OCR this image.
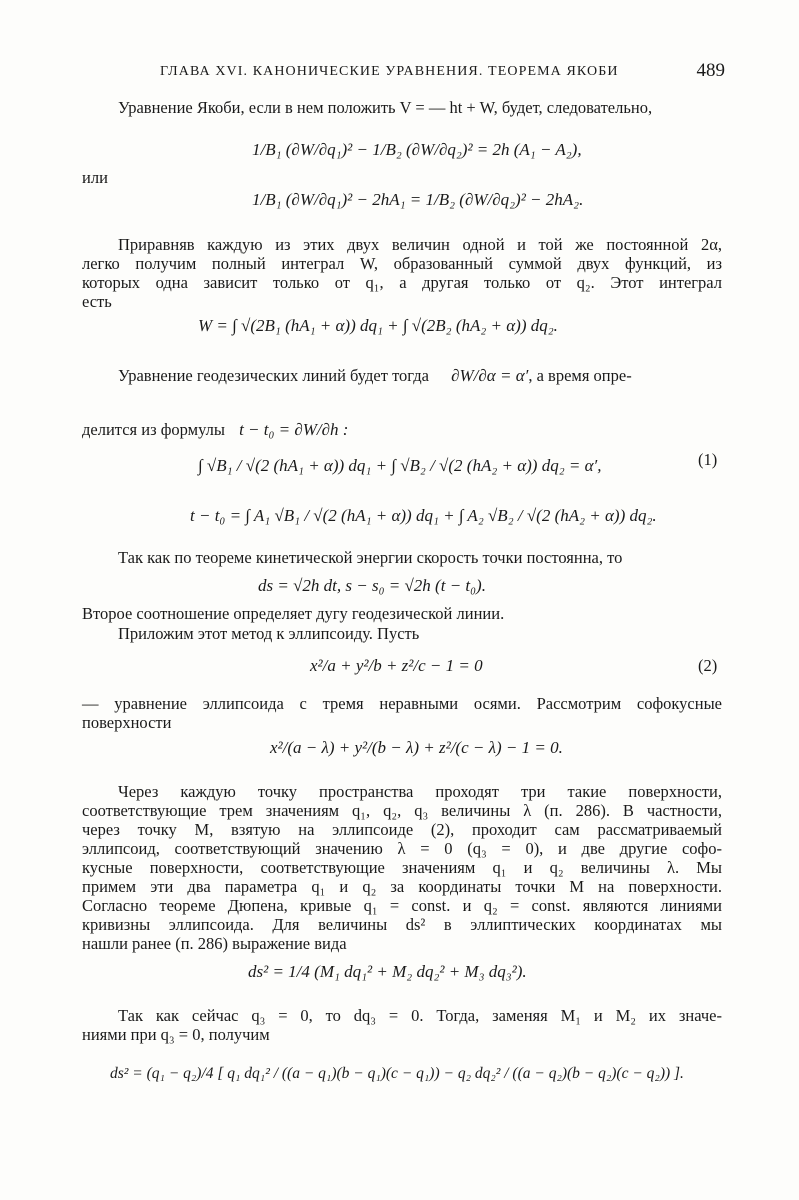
ГЛАВА XVI. КАНОНИЧЕСКИЕ УРАВНЕНИЯ. ТЕОРЕМА ЯКОБИ	489
Уравнение Якоби, если в нем положить V = — ht + W, будет, следовательно,
1/B₁ (∂W/∂q₁)² − 1/B₂ (∂W/∂q₂)² = 2h (A₁ − A₂),
или
1/B₁ (∂W/∂q₁)² − 2hA₁ = 1/B₂ (∂W/∂q₂)² − 2hA₂.
Приравняв каждую из этих двух величин одной и той же постоянной 2α,
легко получим полный интеграл W, образованный суммой двух функций, из
которых одна зависит только от q₁, а другая только от q₂. Этот интеграл
есть
W = ∫ √(2B₁ (hA₁ + α)) dq₁ + ∫ √(2B₂ (hA₂ + α)) dq₂.
Уравнение геодезических линий будет тогда ∂W/∂α = α′, а время опре-
делится из формулы t − t₀ = ∂W/∂h :
∫ √B₁ / √(2 (hA₁ + α)) dq₁ + ∫ √B₂ / √(2 (hA₂ + α)) dq₂ = α′,	(1)
t − t₀ = ∫ A₁ √B₁ / √(2 (hA₁ + α)) dq₁ + ∫ A₂ √B₂ / √(2 (hA₂ + α)) dq₂.
Так как по теореме кинетической энергии скорость точки постоянна, то
ds = √2h dt, s − s₀ = √2h (t − t₀).
Второе соотношение определяет дугу геодезической линии.
Приложим этот метод к эллипсоиду. Пусть
x²/a + y²/b + z²/c − 1 = 0	(2)
— уравнение эллипсоида с тремя неравными осями. Рассмотрим софокусные
поверхности
x²/(a − λ) + y²/(b − λ) + z²/(c − λ) − 1 = 0.
Через каждую точку пространства проходят три такие поверхности,
соответствующие трем значениям q₁, q₂, q₃ величины λ (п. 286). В частности,
через точку M, взятую на эллипсоиде (2), проходит сам рассматриваемый
эллипсоид, соответствующий значению λ = 0 (q₃ = 0), и две другие софо-
кусные поверхности, соответствующие значениям q₁ и q₂ величины λ. Мы
примем эти два параметра q₁ и q₂ за координаты точки M на поверхности.
Согласно теореме Дюпена, кривые q₁ = const. и q₂ = const. являются линиями
кривизны эллипсоида. Для величины ds² в эллиптических координатах мы
нашли ранее (п. 286) выражение вида
ds² = 1/4 (M₁ dq₁² + M₂ dq₂² + M₃ dq₃²).
Так как сейчас q₃ = 0, то dq₃ = 0. Тогда, заменяя M₁ и M₂ их значе-
ниями при q₃ = 0, получим
ds² = (q₁ − q₂)/4 [ q₁ dq₁² / ((a − q₁)(b − q₁)(c − q₁)) − q₂ dq₂² / ((a − q₂)(b − q₂)(c − q₂)) ].
